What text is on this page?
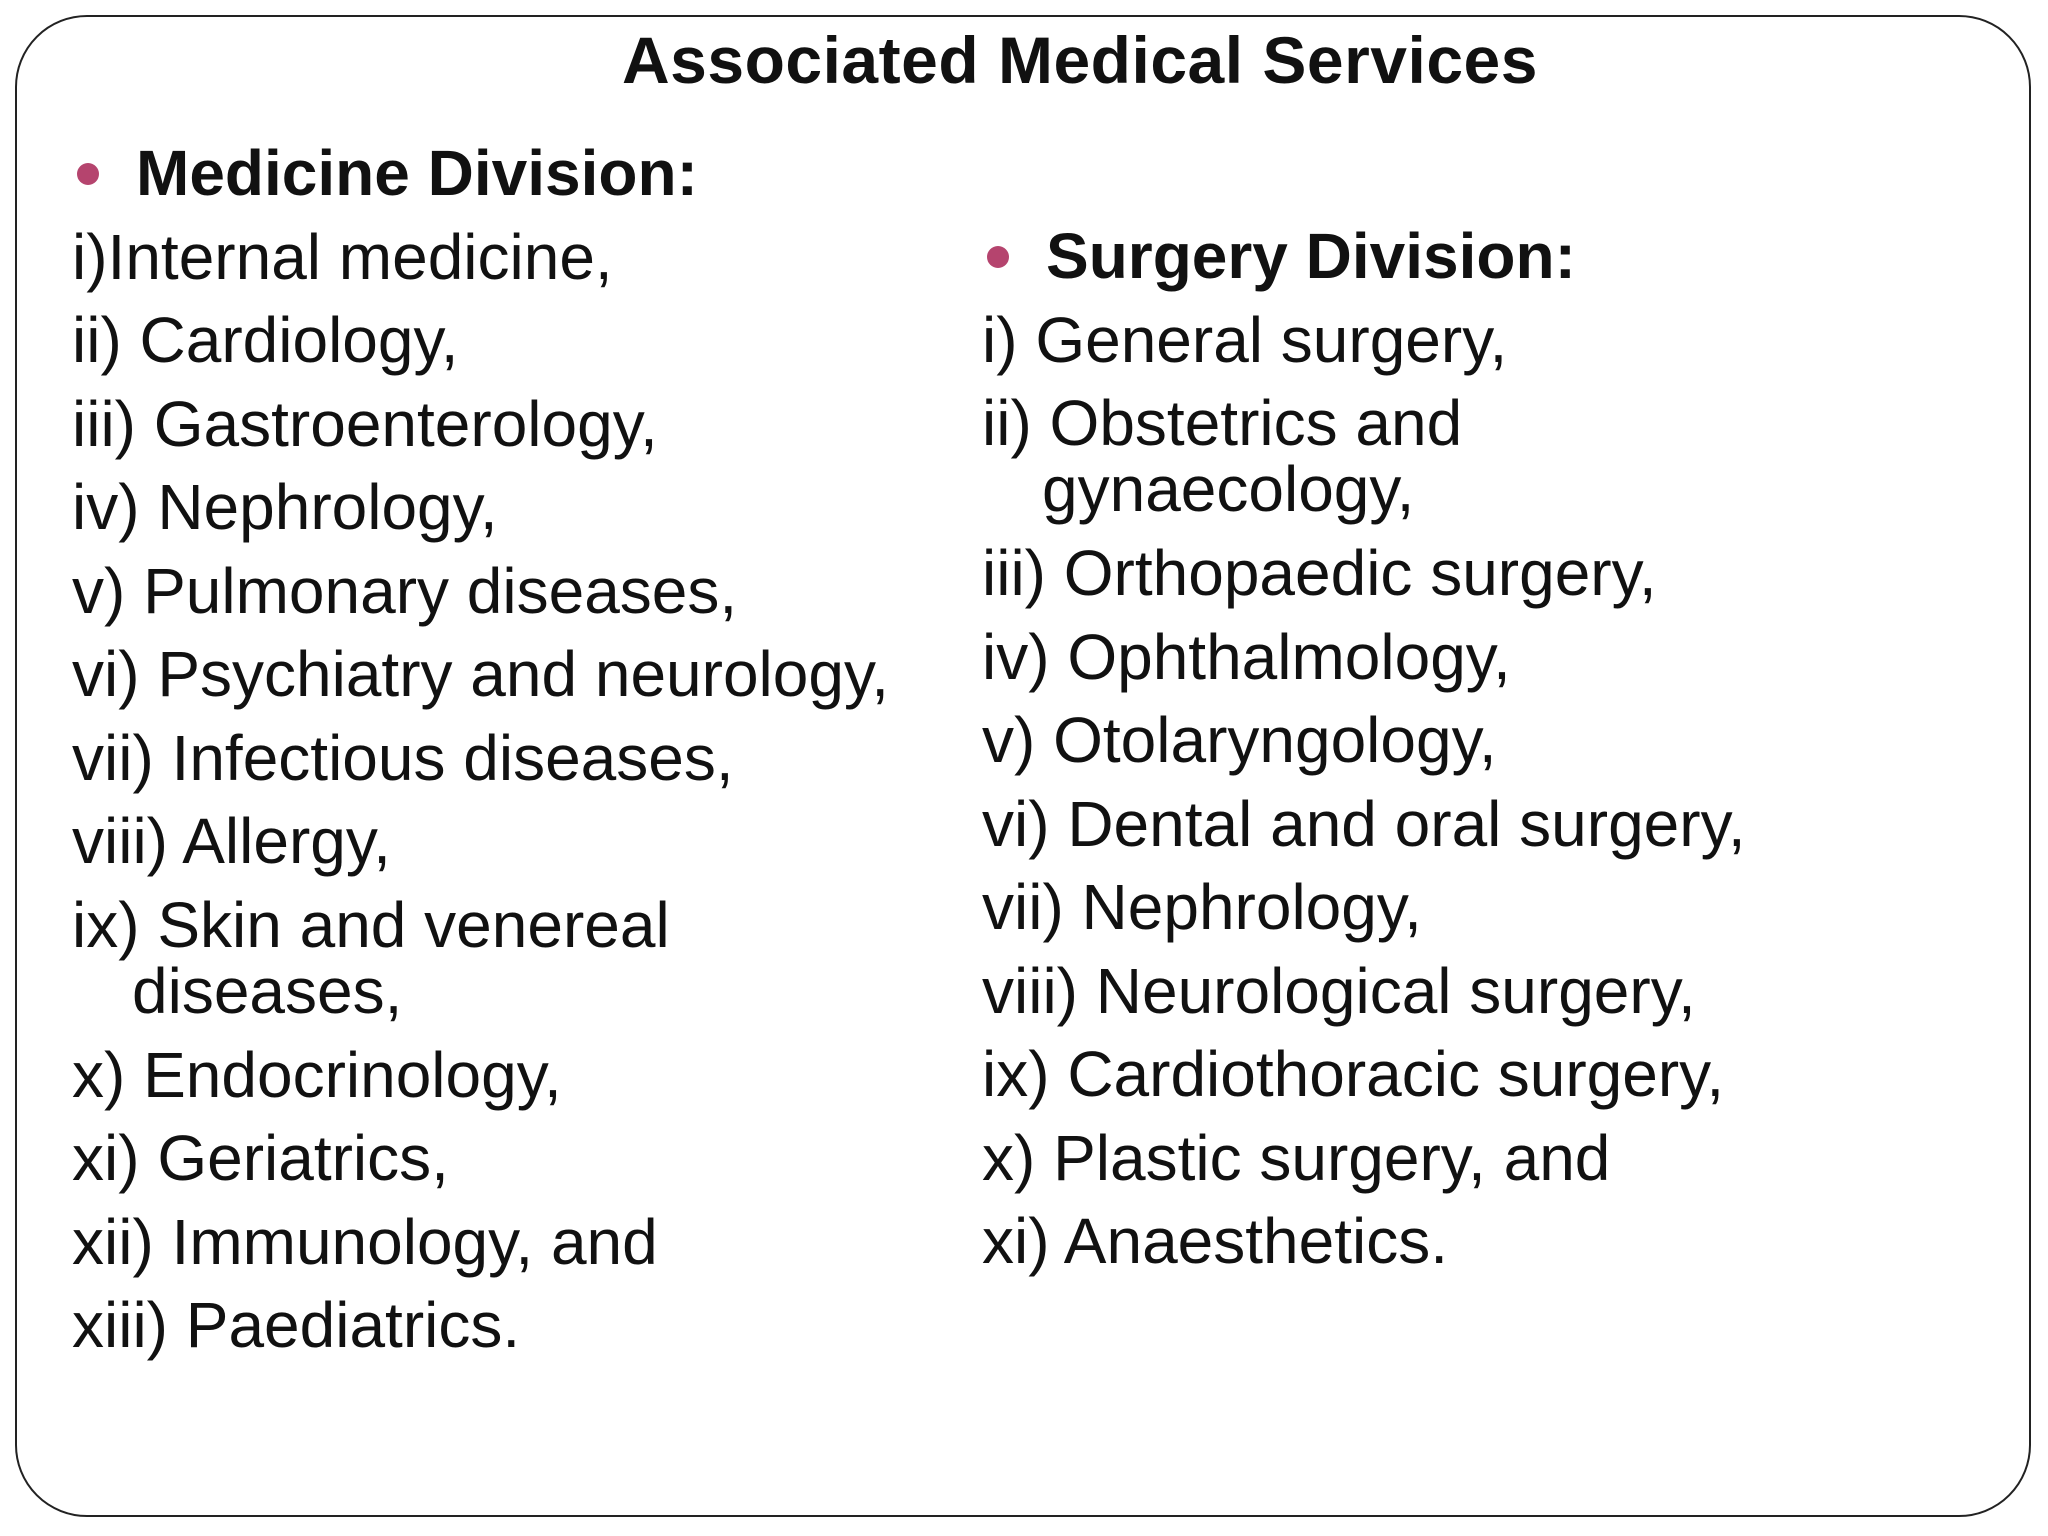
Associated Medical Services
Medicine Division:
i)Internal medicine,
ii) Cardiology,
iii) Gastroenterology,
iv) Nephrology,
v) Pulmonary diseases,
vi) Psychiatry and neurology,
vii) Infectious diseases,
viii) Allergy,
ix) Skin and venereal diseases,
x) Endocrinology,
xi) Geriatrics,
xii) Immunology, and
xiii) Paediatrics.
Surgery Division:
i) General surgery,
ii) Obstetrics and gynaecology,
iii) Orthopaedic surgery,
iv) Ophthalmology,
v) Otolaryngology,
vi) Dental and oral surgery,
vii) Nephrology,
viii) Neurological surgery,
ix) Cardiothoracic surgery,
x) Plastic surgery, and
xi) Anaesthetics.
